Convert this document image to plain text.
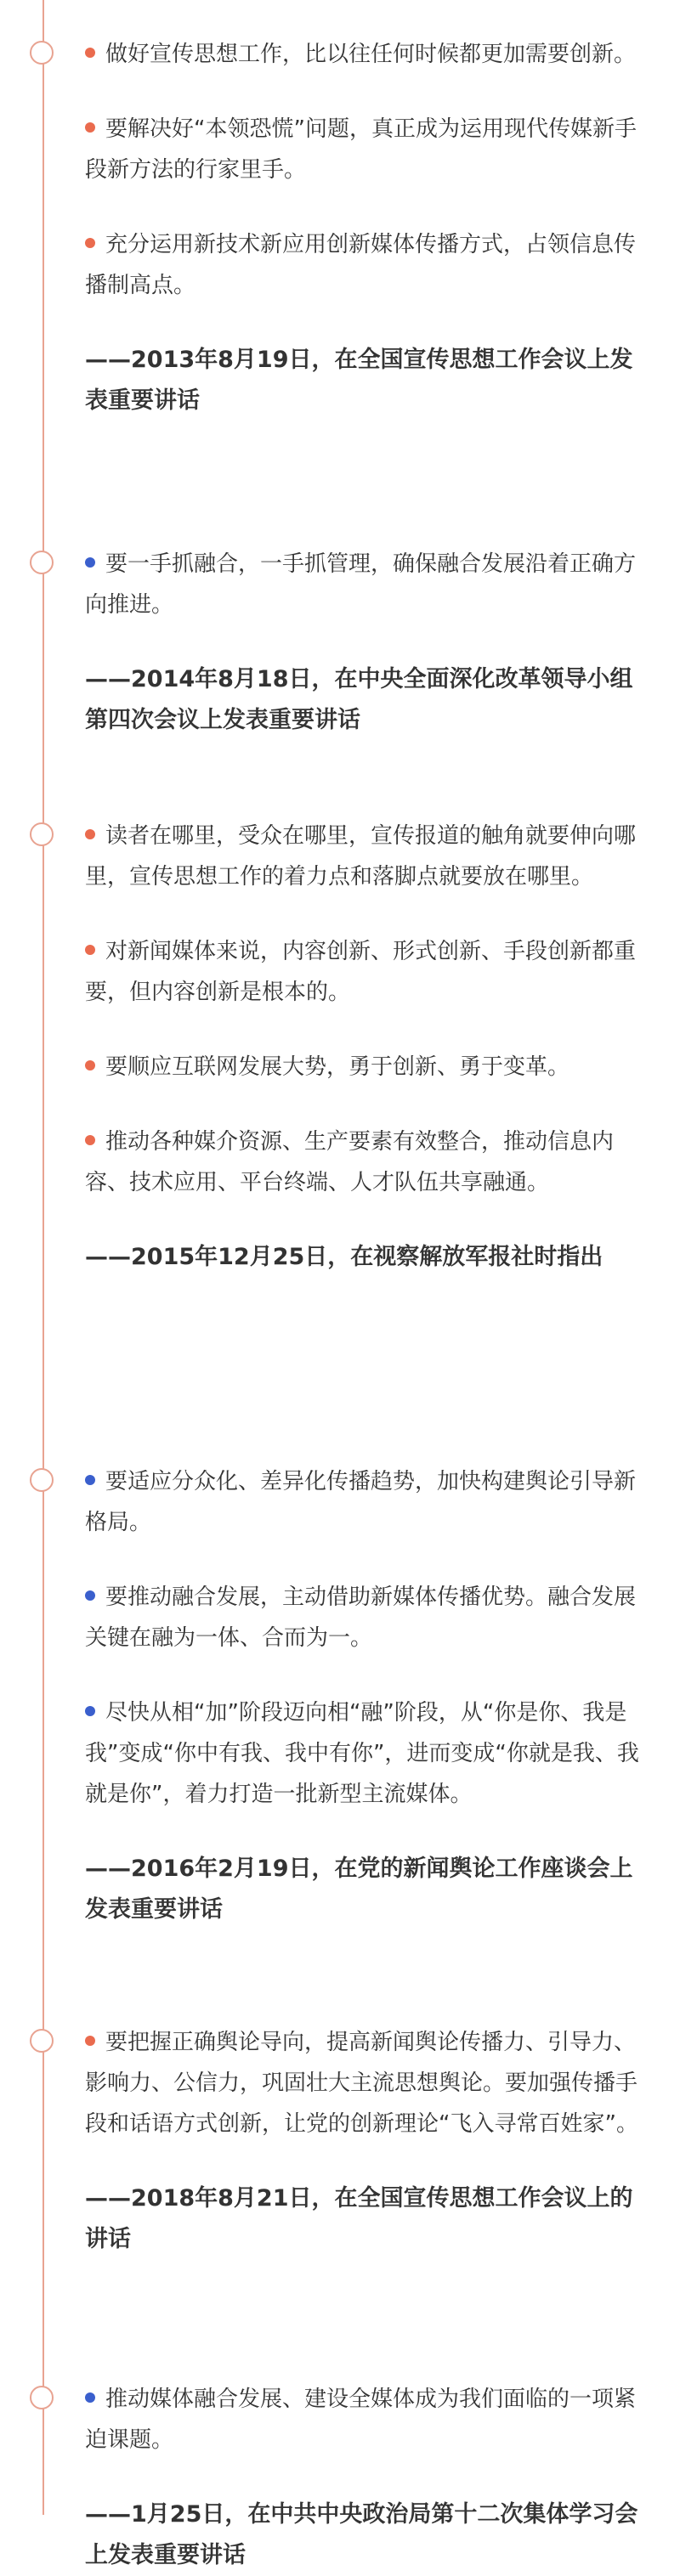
做好宣传思想工作，比以往任何时候都更加需要创新。

要解决好“本领恐慌”问题，真正成为运用现代传媒新手段新方法的行家里手。

充分运用新技术新应用创新媒体传播方式，占领信息传播制高点。

——2013年8月19日，在全国宣传思想工作会议上发表重要讲话

要一手抓融合，一手抓管理，确保融合发展沿着正确方向推进。

——2014年8月18日，在中央全面深化改革领导小组第四次会议上发表重要讲话

读者在哪里，受众在哪里，宣传报道的触角就要伸向哪里，宣传思想工作的着力点和落脚点就要放在哪里。

对新闻媒体来说，内容创新、形式创新、手段创新都重要，但内容创新是根本的。

要顺应互联网发展大势，勇于创新、勇于变革。

推动各种媒介资源、生产要素有效整合，推动信息内容、技术应用、平台终端、人才队伍共享融通。

——2015年12月25日，在视察解放军报社时指出

要适应分众化、差异化传播趋势，加快构建舆论引导新格局。

要推动融合发展，主动借助新媒体传播优势。融合发展关键在融为一体、合而为一。

尽快从相“加”阶段迈向相“融”阶段，从“你是你、我是我”变成“你中有我、我中有你”，进而变成“你就是我、我就是你”，着力打造一批新型主流媒体。

——2016年2月19日，在党的新闻舆论工作座谈会上发表重要讲话

要把握正确舆论导向，提高新闻舆论传播力、引导力、影响力、公信力，巩固壮大主流思想舆论。要加强传播手段和话语方式创新，让党的创新理论“飞入寻常百姓家”。

——2018年8月21日，在全国宣传思想工作会议上的讲话

推动媒体融合发展、建设全媒体成为我们面临的一项紧迫课题。

——1月25日，在中共中央政治局第十二次集体学习会上发表重要讲话
